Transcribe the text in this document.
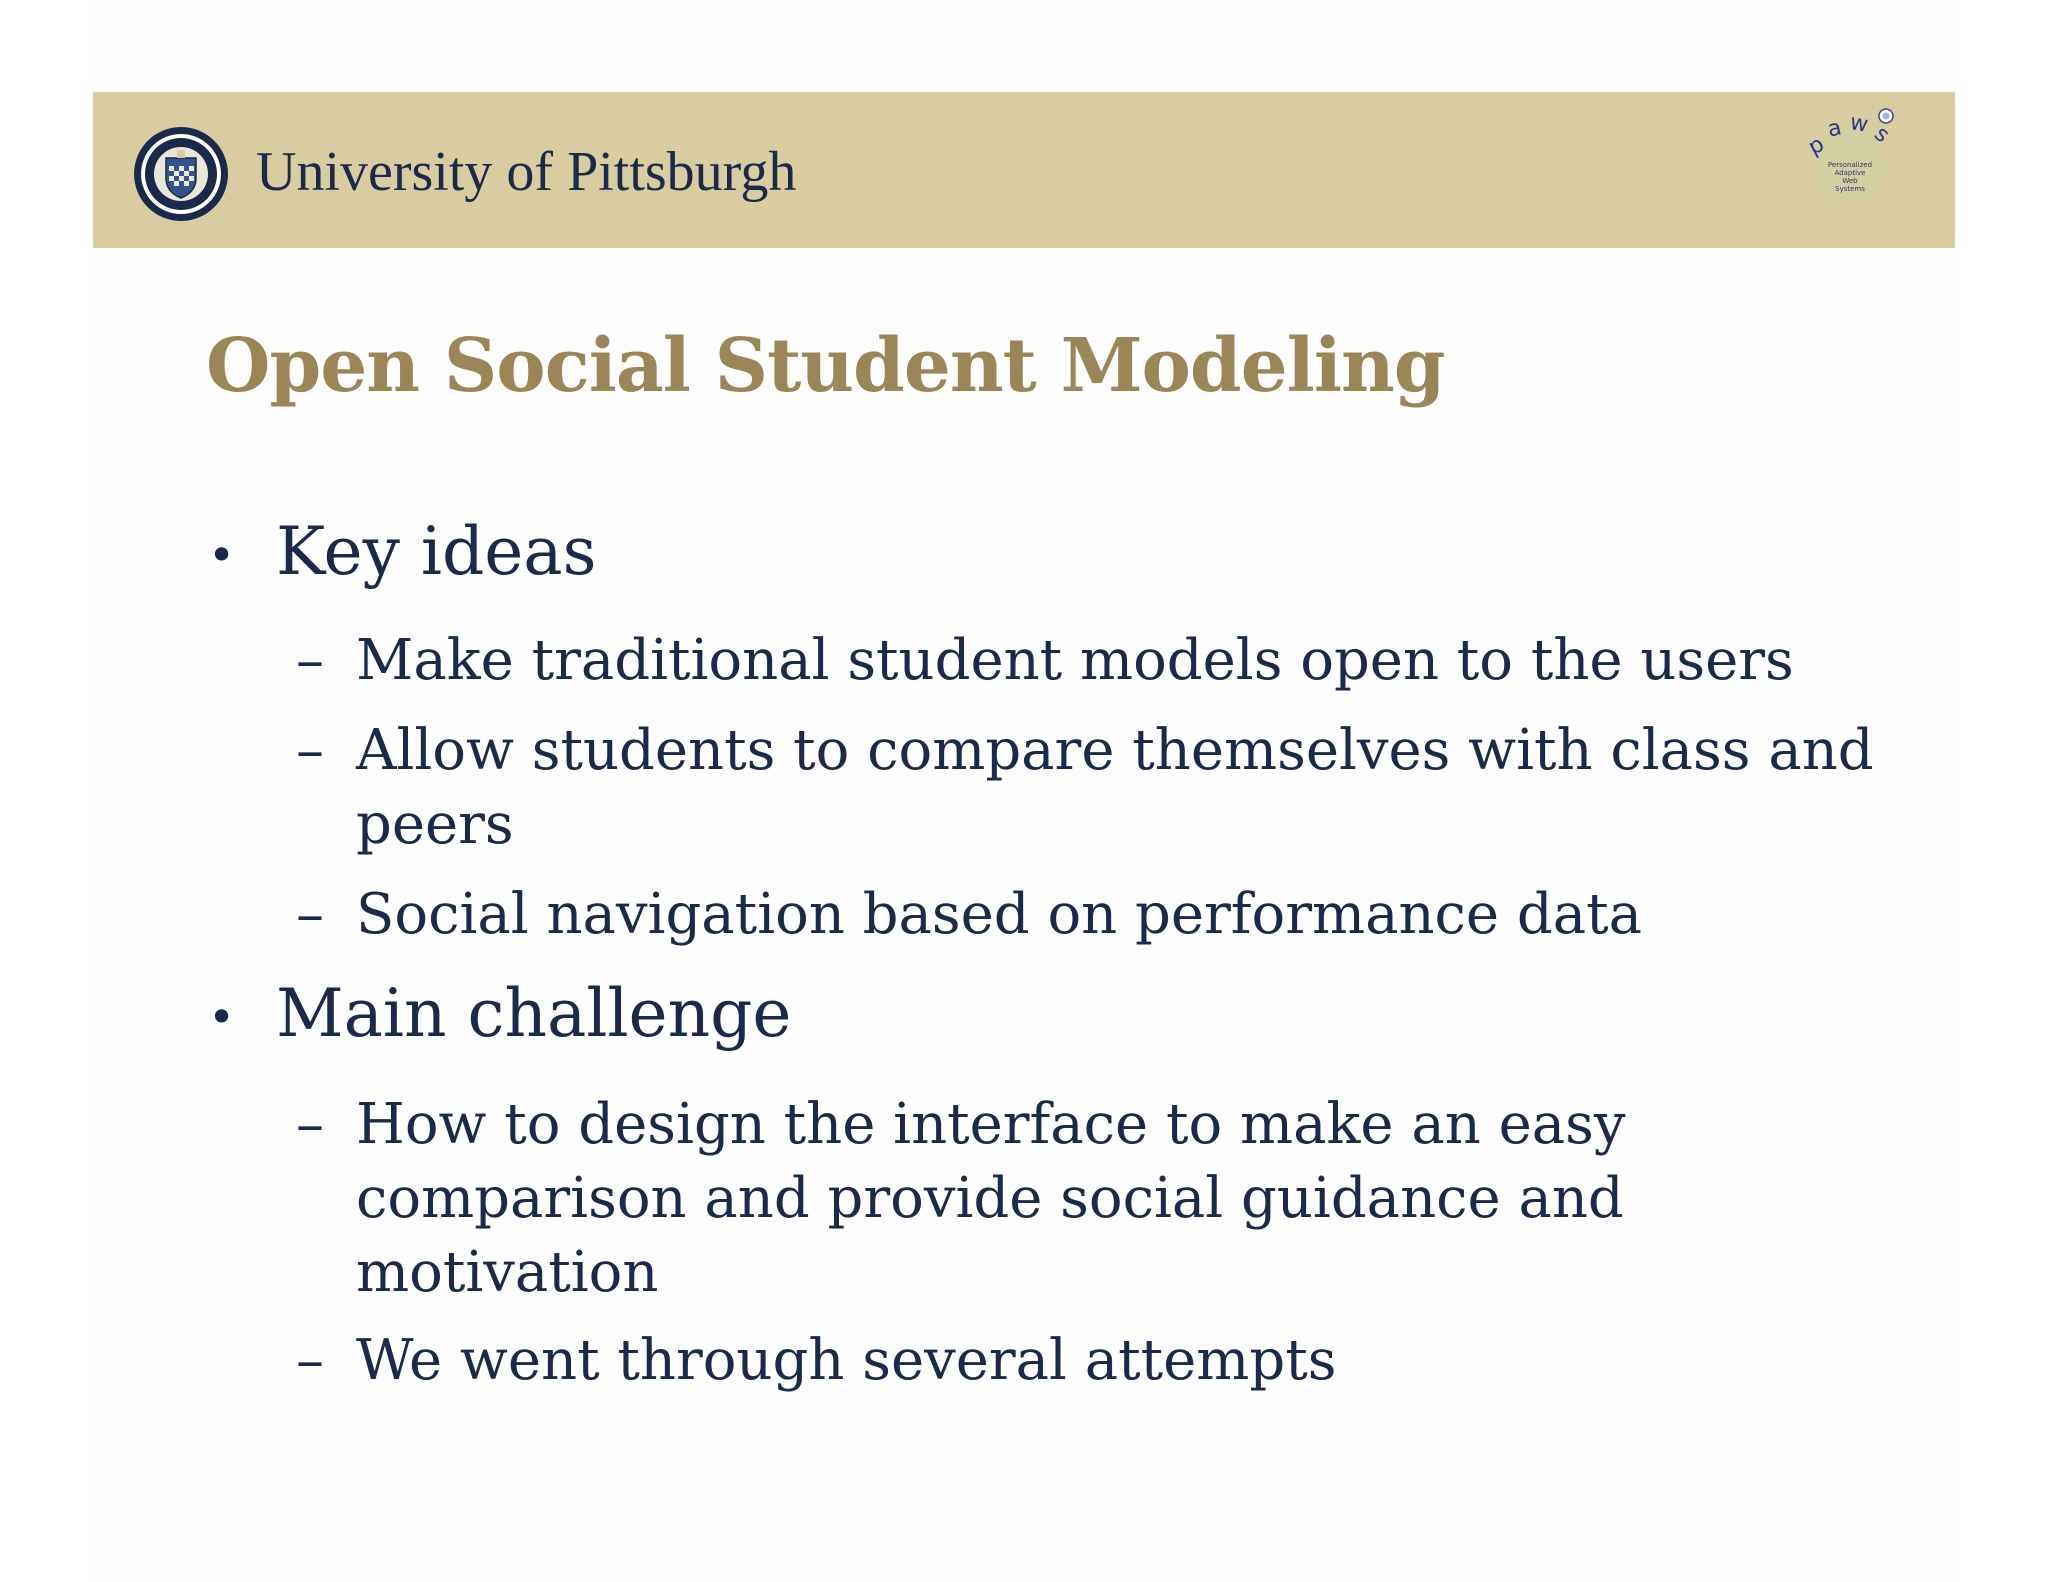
University of Pittsburgh	p
a w s
Personalized
Adaptive
Web
Systems
Open Social Student Modeling
• Key ideas
– Make traditional student models open to the users
– Allow students to compare themselves with class and
peers
– Social navigation based on performance data
• Main challenge
– How to design the interface to make an easy
comparison and provide social guidance and
motivation
– We went through several attempts
